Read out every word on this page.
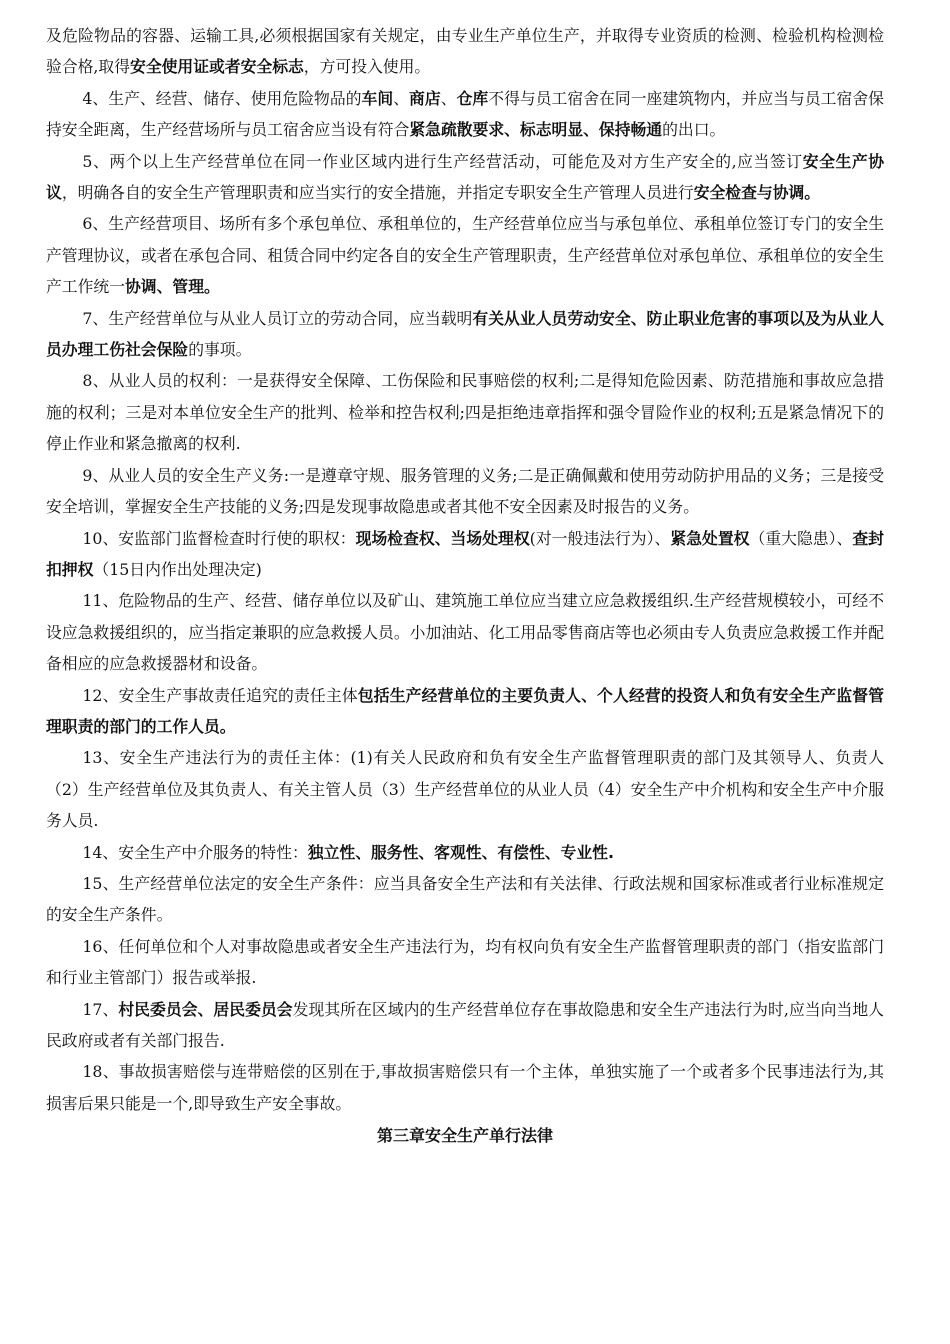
及危险物品的容器、运输工具,必须根据国家有关规定，由专业生产单位生产，并取得专业资质的检测、检验机构检测检验合格,取得安全使用证或者安全标志，方可投入使用。

4、生产、经营、储存、使用危险物品的车间、商店、仓库不得与员工宿舍在同一座建筑物内，并应当与员工宿舍保持安全距离，生产经营场所与员工宿舍应当设有符合紧急疏散要求、标志明显、保持畅通的出口。

5、两个以上生产经营单位在同一作业区域内进行生产经营活动，可能危及对方生产安全的,应当签订安全生产协议，明确各自的安全生产管理职责和应当实行的安全措施，并指定专职安全生产管理人员进行安全检查与协调。

6、生产经营项目、场所有多个承包单位、承租单位的，生产经营单位应当与承包单位、承租单位签订专门的安全生产管理协议，或者在承包合同、租赁合同中约定各自的安全生产管理职责，生产经营单位对承包单位、承租单位的安全生产工作统一协调、管理。

7、生产经营单位与从业人员订立的劳动合同，应当载明有关从业人员劳动安全、防止职业危害的事项以及为从业人员办理工伤社会保险的事项。

8、从业人员的权利：一是获得安全保障、工伤保险和民事赔偿的权利;二是得知危险因素、防范措施和事故应急措施的权利；三是对本单位安全生产的批判、检举和控告权利;四是拒绝违章指挥和强令冒险作业的权利;五是紧急情况下的停止作业和紧急撤离的权利.

9、从业人员的安全生产义务:一是遵章守规、服务管理的义务;二是正确佩戴和使用劳动防护用品的义务；三是接受安全培训，掌握安全生产技能的义务;四是发现事故隐患或者其他不安全因素及时报告的义务。

10、安监部门监督检查时行使的职权：现场检查权、当场处理权(对一般违法行为）、紧急处置权（重大隐患）、查封扣押权（15日内作出处理决定)

11、危险物品的生产、经营、储存单位以及矿山、建筑施工单位应当建立应急救援组织.生产经营规模较小，可经不设应急救援组织的，应当指定兼职的应急救援人员。小加油站、化工用品零售商店等也必须由专人负责应急救援工作并配备相应的应急救援器材和设备。

12、安全生产事故责任追究的责任主体包括生产经营单位的主要负责人、个人经营的投资人和负有安全生产监督管理职责的部门的工作人员。

13、安全生产违法行为的责任主体：(1)有关人民政府和负有安全生产监督管理职责的部门及其领导人、负责人（2）生产经营单位及其负责人、有关主管人员（3）生产经营单位的从业人员（4）安全生产中介机构和安全生产中介服务人员.

14、安全生产中介服务的特性：独立性、服务性、客观性、有偿性、专业性.

15、生产经营单位法定的安全生产条件：应当具备安全生产法和有关法律、行政法规和国家标准或者行业标准规定的安全生产条件。

16、任何单位和个人对事故隐患或者安全生产违法行为，均有权向负有安全生产监督管理职责的部门（指安监部门和行业主管部门）报告或举报.

17、村民委员会、居民委员会发现其所在区域内的生产经营单位存在事故隐患和安全生产违法行为时,应当向当地人民政府或者有关部门报告.

18、事故损害赔偿与连带赔偿的区别在于,事故损害赔偿只有一个主体，单独实施了一个或者多个民事违法行为,其损害后果只能是一个,即导致生产安全事故。

第三章安全生产单行法律
